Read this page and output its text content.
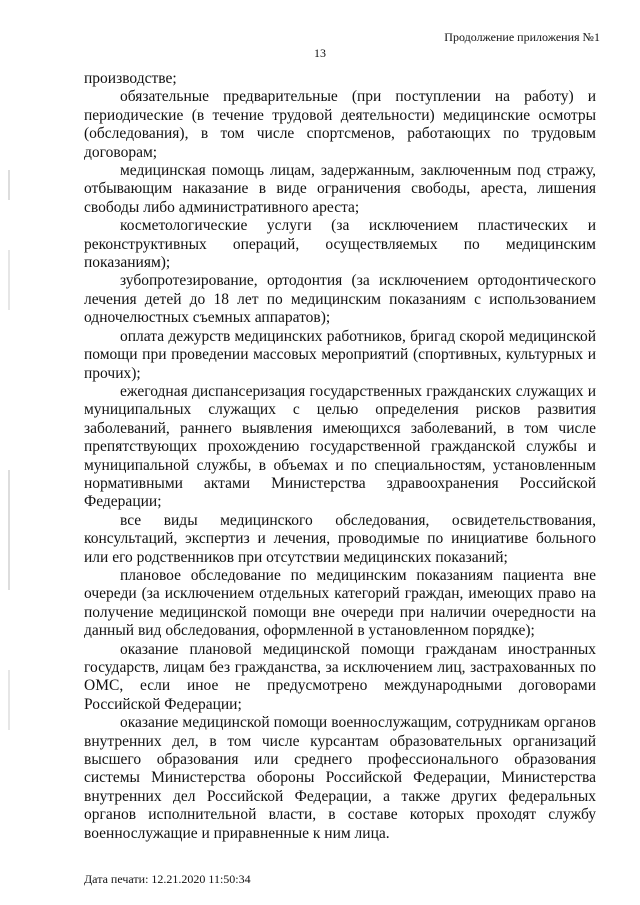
Продолжение приложения №1
13

производстве;

обязательные предварительные (при поступлении на работу) и периодические (в течение трудовой деятельности) медицинские осмотры (обследования), в том числе спортсменов, работающих по трудовым договорам;

медицинская помощь лицам, задержанным, заключенным под стражу, отбывающим наказание в виде ограничения свободы, ареста, лишения свободы либо административного ареста;

косметологические услуги (за исключением пластических и реконструктивных операций, осуществляемых по медицинским показаниям);

зубопротезирование, ортодонтия (за исключением ортодонтического лечения детей до 18 лет по медицинским показаниям с использованием одночелюстных съемных аппаратов);

оплата дежурств медицинских работников, бригад скорой медицинской помощи при проведении массовых мероприятий (спортивных, культурных и прочих);

ежегодная диспансеризация государственных гражданских служащих и муниципальных служащих с целью определения рисков развития заболеваний, раннего выявления имеющихся заболеваний, в том числе препятствующих прохождению государственной гражданской службы и муниципальной службы, в объемах и по специальностям, установленным нормативными актами Министерства здравоохранения Российской Федерации;

все виды медицинского обследования, освидетельствования, консультаций, экспертиз и лечения, проводимые по инициативе больного или его родственников при отсутствии медицинских показаний;

плановое обследование по медицинским показаниям пациента вне очереди (за исключением отдельных категорий граждан, имеющих право на получение медицинской помощи вне очереди при наличии очередности на данный вид обследования, оформленной в установленном порядке);

оказание плановой медицинской помощи гражданам иностранных государств, лицам без гражданства, за исключением лиц, застрахованных по ОМС, если иное не предусмотрено международными договорами Российской Федерации;

оказание медицинской помощи военнослужащим, сотрудникам органов внутренних дел, в том числе курсантам образовательных организаций высшего образования или среднего профессионального образования системы Министерства обороны Российской Федерации, Министерства внутренних дел Российской Федерации, а также других федеральных органов исполнительной власти, в составе которых проходят службу военнослужащие и приравненные к ним лица.

Дата печати: 12.21.2020 11:50:34
